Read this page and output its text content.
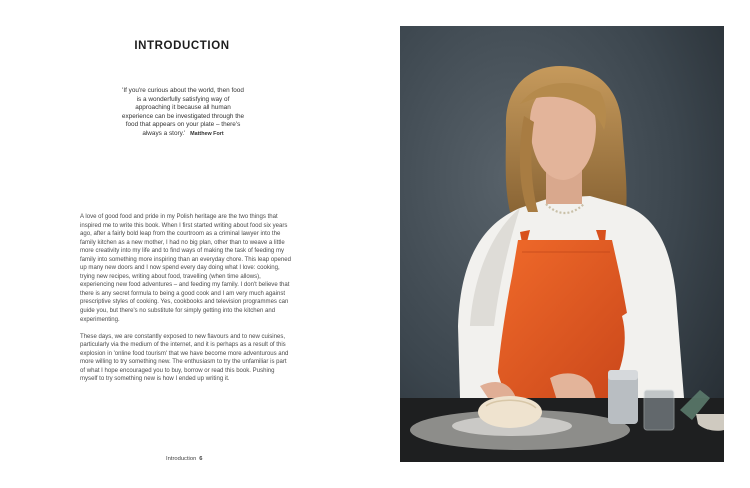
INTRODUCTION
'If you're curious about the world, then food is a wonderfully satisfying way of approaching it because all human experience can be investigated through the food that appears on your plate – there's always a story.' Matthew Fort

A love of good food and pride in my Polish heritage are the two things that inspired me to write this book. When I first started writing about food six years ago, after a fairly bold leap from the courtroom as a criminal lawyer into the family kitchen as a new mother, I had no big plan, other than to weave a little more creativity into my life and to find ways of making the task of feeding my family into something more inspiring than an everyday chore. This leap opened up many new doors and I now spend every day doing what I love: cooking, trying new recipes, writing about food, travelling (when time allows), experiencing new food adventures – and feeding my family. I don't believe that there is any secret formula to being a good cook and I am very much against prescriptive styles of cooking. Yes, cookbooks and television programmes can guide you, but there's no substitute for simply getting into the kitchen and experimenting.

These days, we are constantly exposed to new flavours and to new cuisines, particularly via the medium of the internet, and it is perhaps as a result of this explosion in 'online food tourism' that we have become more adventurous and more willing to try something new. The enthusiasm to try the unfamiliar is part of what I hope encouraged you to buy, borrow or read this book. Pushing myself to try something new is how I ended up writing it.

Introduction 6
